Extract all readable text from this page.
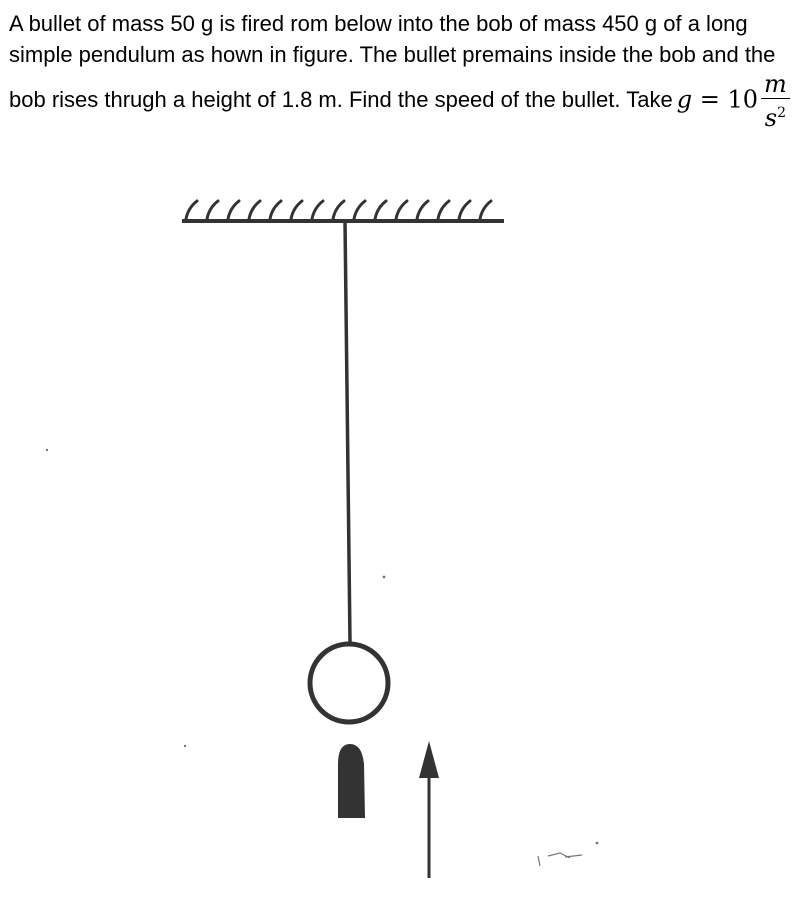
A bullet of mass 50 g is fired rom below into the bob of mass 450 g of a long simple pendulum as hown in figure. The bullet premains inside the bob and the bob rises thrugh a height of 1.8 m. Find the speed of the bullet. Take $g = 10 \frac{m}{s^2}$
